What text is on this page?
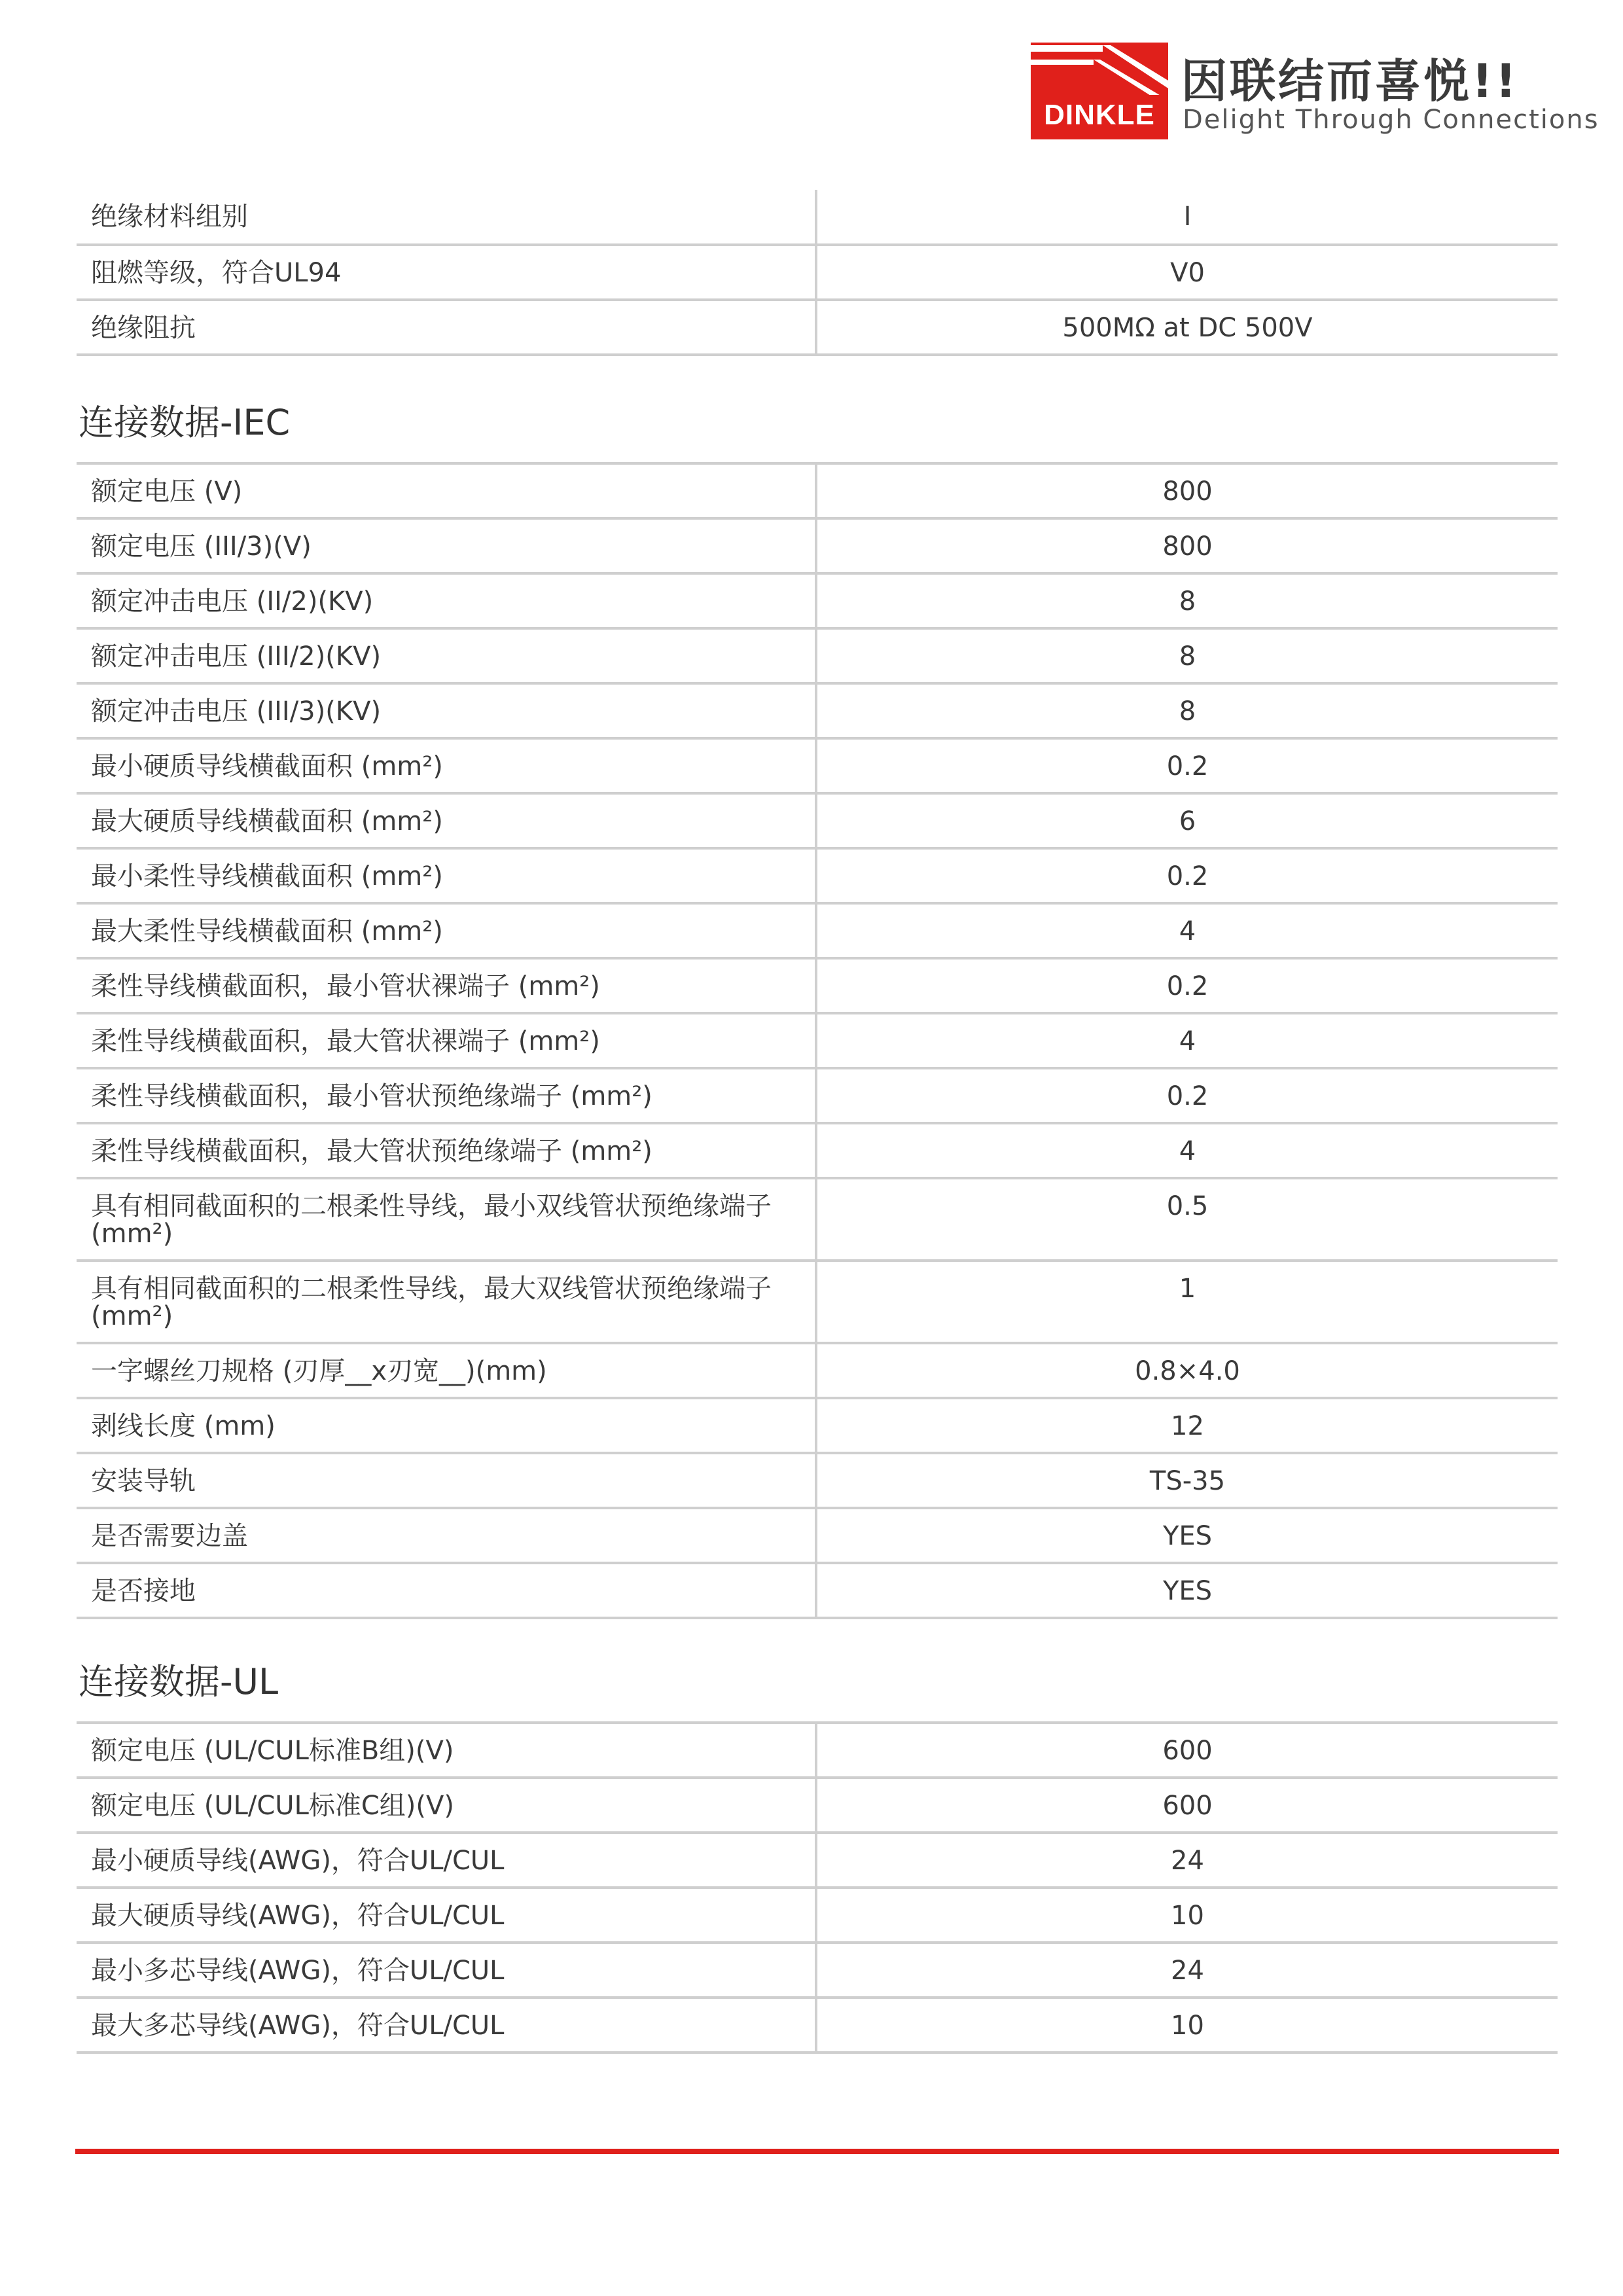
DINKLE
因联结而喜悦!!
Delight Through Connections
绝缘材料组别	I
阻燃等级，符合UL94	V0
绝缘阻抗	500MΩ at DC 500V
连接数据-IEC
额定电压 (V)	800
额定电压 (III/3)(V)	800
额定冲击电压 (II/2)(KV)	8
额定冲击电压 (III/2)(KV)	8
额定冲击电压 (III/3)(KV)	8
最小硬质导线横截面积 (mm²)	0.2
最大硬质导线横截面积 (mm²)	6
最小柔性导线横截面积 (mm²)	0.2
最大柔性导线横截面积 (mm²)	4
柔性导线横截面积，最小管状裸端子 (mm²)	0.2
柔性导线横截面积，最大管状裸端子 (mm²)	4
柔性导线横截面积，最小管状预绝缘端子 (mm²)	0.2
柔性导线横截面积，最大管状预绝缘端子 (mm²)	4
具有相同截面积的二根柔性导线，最小双线管状预绝缘端子 (mm²)	0.5
具有相同截面积的二根柔性导线，最大双线管状预绝缘端子 (mm²)	1
一字螺丝刀规格 (刃厚__x刃宽__)(mm)	0.8×4.0
剥线长度 (mm)	12
安装导轨	TS-35
是否需要边盖	YES
是否接地	YES
连接数据-UL
额定电压 (UL/CUL标准B组)(V)	600
额定电压 (UL/CUL标准C组)(V)	600
最小硬质导线(AWG)，符合UL/CUL	24
最大硬质导线(AWG)，符合UL/CUL	10
最小多芯导线(AWG)，符合UL/CUL	24
最大多芯导线(AWG)，符合UL/CUL	10
